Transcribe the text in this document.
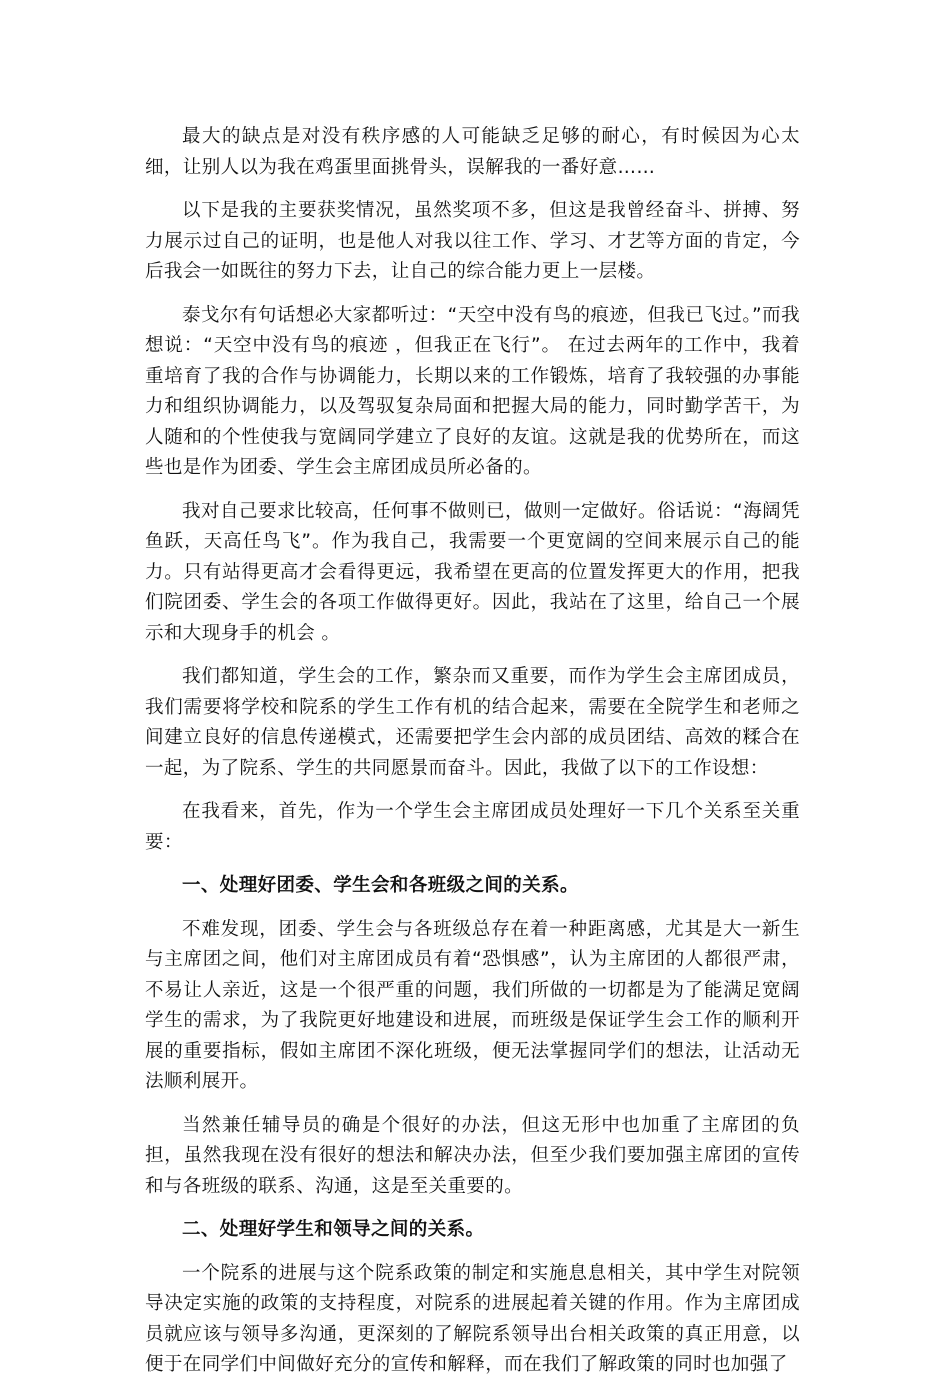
最大的缺点是对没有秩序感的人可能缺乏足够的耐心，有时候因为心太细，让别人以为我在鸡蛋里面挑骨头，误解我的一番好意……

以下是我的主要获奖情况，虽然奖项不多，但这是我曾经奋斗、拼搏、努力展示过自己的证明，也是他人对我以往工作、学习、才艺等方面的肯定，今后我会一如既往的努力下去，让自己的综合能力更上一层楼。

泰戈尔有句话想必大家都听过：“天空中没有鸟的痕迹，但我已飞过。”而我想说：“天空中没有鸟的痕迹 ，但我正在飞行”。 在过去两年的工作中，我着重培育了我的合作与协调能力，长期以来的工作锻炼，培育了我较强的办事能力和组织协调能力，以及驾驭复杂局面和把握大局的能力，同时勤学苦干，为人随和的个性使我与宽阔同学建立了良好的友谊。这就是我的优势所在，而这些也是作为团委、学生会主席团成员所必备的。

我对自己要求比较高，任何事不做则已，做则一定做好。俗话说：“海阔凭鱼跃，天高任鸟飞”。作为我自己，我需要一个更宽阔的空间来展示自己的能力。只有站得更高才会看得更远，我希望在更高的位置发挥更大的作用，把我们院团委、学生会的各项工作做得更好。因此，我站在了这里，给自己一个展示和大现身手的机会 。

我们都知道，学生会的工作，繁杂而又重要，而作为学生会主席团成员，我们需要将学校和院系的学生工作有机的结合起来，需要在全院学生和老师之间建立良好的信息传递模式，还需要把学生会内部的成员团结、高效的糅合在一起，为了院系、学生的共同愿景而奋斗。因此，我做了以下的工作设想：

在我看来，首先，作为一个学生会主席团成员处理好一下几个关系至关重要：

一、处理好团委、学生会和各班级之间的关系。

不难发现，团委、学生会与各班级总存在着一种距离感，尤其是大一新生与主席团之间，他们对主席团成员有着“恐惧感”，认为主席团的人都很严肃，不易让人亲近，这是一个很严重的问题，我们所做的一切都是为了能满足宽阔学生的需求，为了我院更好地建设和进展，而班级是保证学生会工作的顺利开展的重要指标，假如主席团不深化班级，便无法掌握同学们的想法，让活动无法顺利展开。

当然兼任辅导员的确是个很好的办法，但这无形中也加重了主席团的负担，虽然我现在没有很好的想法和解决办法，但至少我们要加强主席团的宣传和与各班级的联系、沟通，这是至关重要的。

二、处理好学生和领导之间的关系。

一个院系的进展与这个院系政策的制定和实施息息相关，其中学生对院领导决定实施的政策的支持程度，对院系的进展起着关键的作用。作为主席团成员就应该与领导多沟通，更深刻的了解院系领导出台相关政策的真正用意，以便于在同学们中间做好充分的宣传和解释，而在我们了解政策的同时也加强了
